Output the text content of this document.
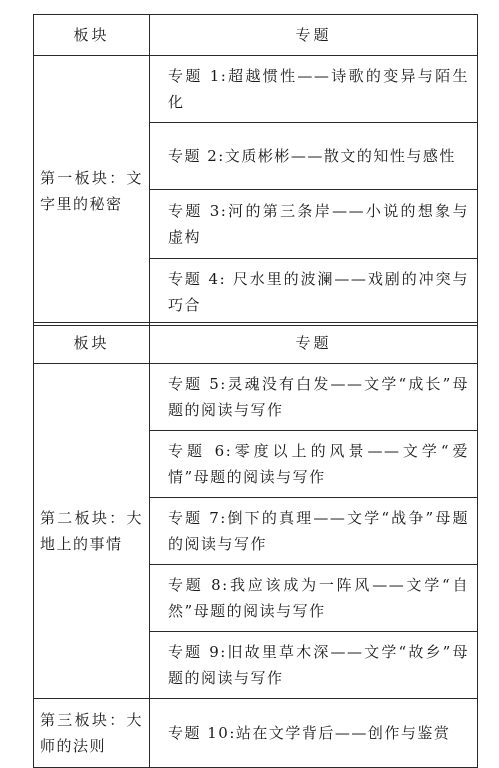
板块	专题
第一板块：文字里的秘密	专题 1:超越惯性——诗歌的变异与陌生化
	专题 2:文质彬彬——散文的知性与感性
	专题 3:河的第三条岸——小说的想象与虚构
	专题 4: 尺水里的波澜——戏剧的冲突与巧合
板块	专题
第二板块：大地上的事情	专题 5:灵魂没有白发——文学“成长”母题的阅读与写作
	专题 6:零度以上的风景——文学“爱情”母题的阅读与写作
	专题 7:倒下的真理——文学“战争”母题的阅读与写作
	专题 8:我应该成为一阵风——文学“自然”母题的阅读与写作
	专题 9:旧故里草木深——文学“故乡”母题的阅读与写作
第三板块：大师的法则	专题 10:站在文学背后——创作与鉴赏
